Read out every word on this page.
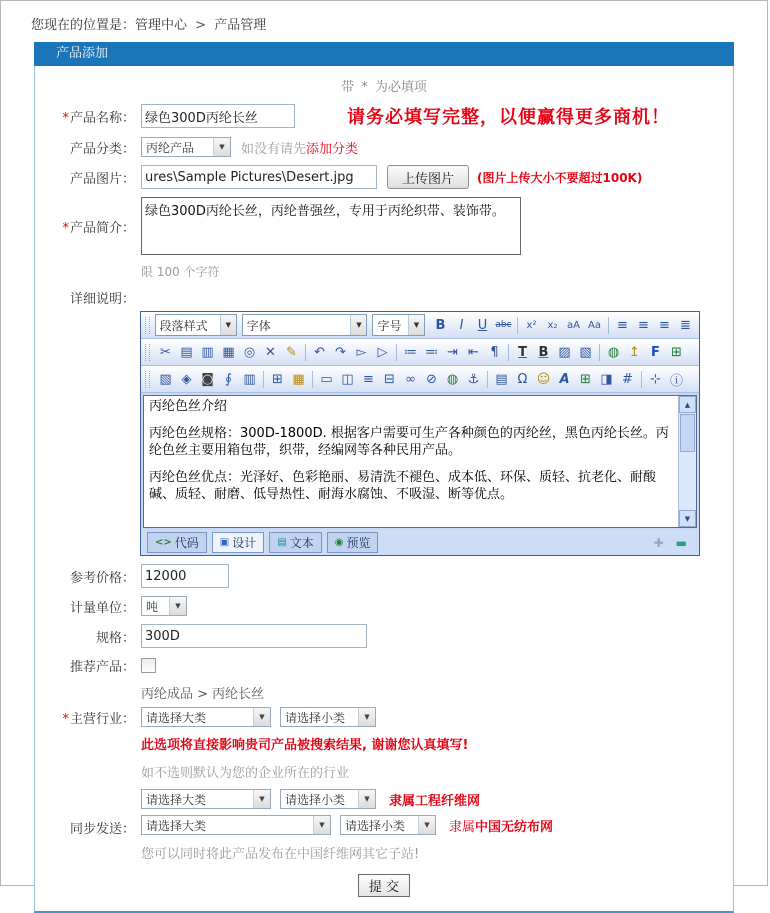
您现在的位置是：管理中心 > 产品管理
产品添加
带 * 为必填项
*产品名称：
绿色300D丙纶长丝	请务必填写完整，以便赢得更多商机！
产品分类： 丙纶产品	▼	如没有请先 添加分类
产品图片：
ures\Sample Pictures\Desert.jpg	上传图片	(图片上传大小不要超过100K)
*产品简介：
绿色300D丙纶长丝，丙纶普强丝，专用于丙纶织带、装饰带。
限 100 个字符
详细说明：
段落样式	▼	字体	▼	字号	▼	B	I	U abc	x²	x₂ aA Aa	≡ ≡ ≡ ≣
✂ ▤ ▥ ▦ ◎ ✕ ✎	↶ ↷ ▻ ▷	≔ ≕ ⇥ ⇤ ¶	T B ▨ ▧	◍ ↥ F ⊞
▧ ◈ ◙ ∮ ▥	⊞ ▦	▭ ◫ ≡ ⊟ ∞ ⊘ ◍ ⚓	▤ Ω ☺ A ⊞ ◨ #	⊹ ⓘ

丙纶色丝介绍

丙纶色丝规格：300D-1800D. 根据客户需要可生产各种颜色的丙纶丝，黑色丙纶长丝。丙纶色丝主要用箱包带，织带，经编网等各种民用产品。

丙纶色丝优点：光泽好、色彩艳丽、易清洗不褪色、成本低、环保、质轻、抗老化、耐酸碱、质轻、耐磨、低导热性、耐海水腐蚀、不吸湿、断等优点。

▲
▼
<> 代码 ▣ 设计 ▤ 文本 ◉ 预览	✚ ▬
参考价格：
12000
计量单位： 吨	▼
规格：
300D
推荐产品：
*主营行业：
丙纶成品 > 丙纶长丝
请选择大类	▼	请选择小类	▼
此选项将直接影响贵司产品被搜索结果, 谢谢您认真填写!
如不选则默认为您的企业所在的行业
同步发送：
请选择大类	▼	请选择小类	▼	隶属工程纤维网
请选择大类	▼	请选择小类	▼	隶属中国无纺布网
您可以同时将此产品发布在中国纤维网其它子站!
提 交
